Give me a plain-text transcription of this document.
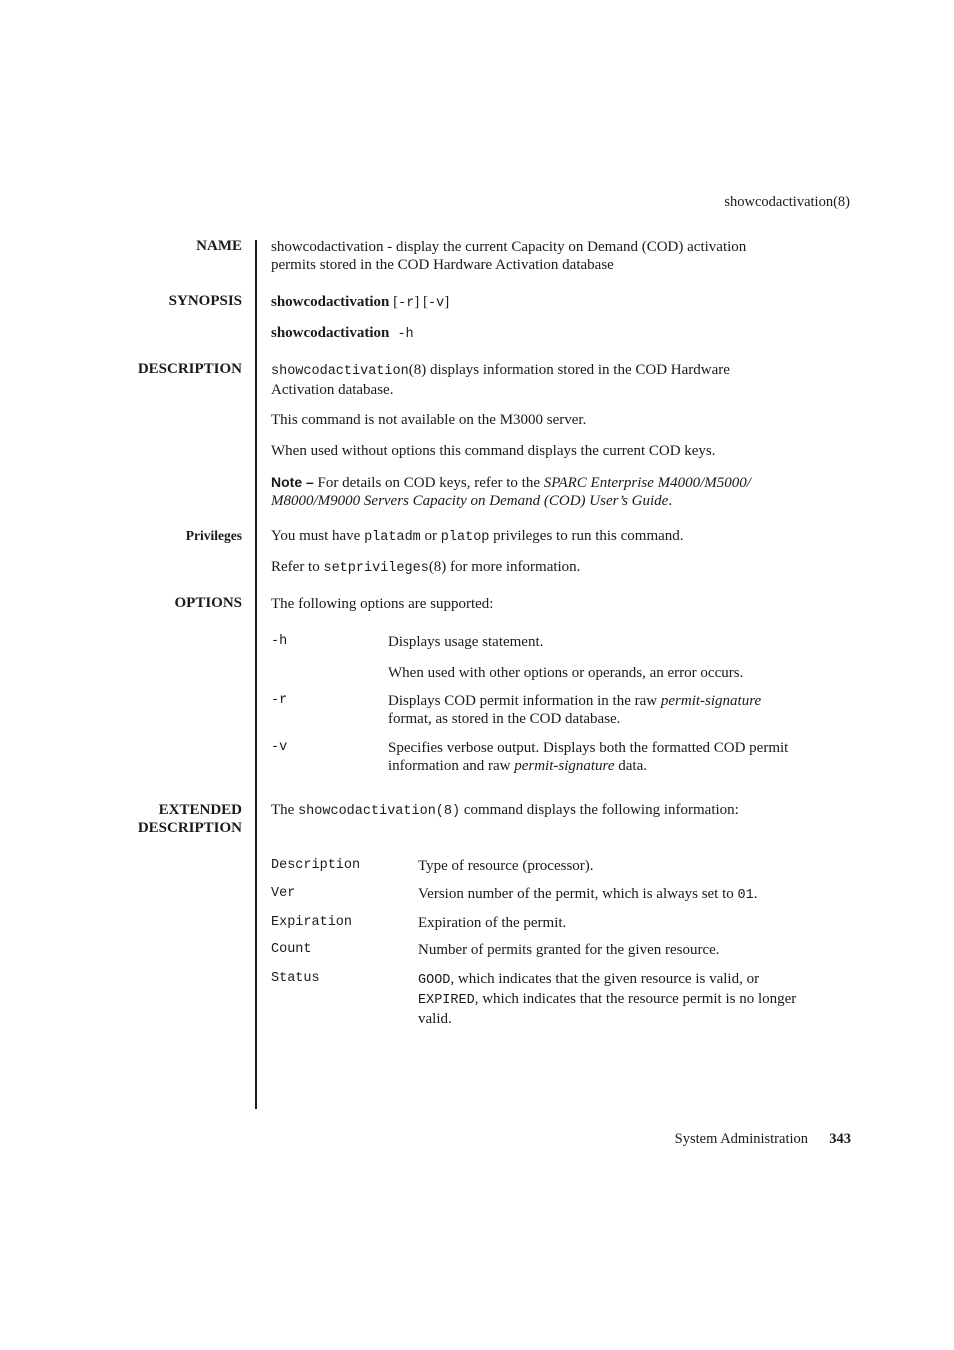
showcodactivation(8)
NAME showcodactivation - display the current Capacity on Demand (COD) activation
permits stored in the COD Hardware Activation database
SYNOPSIS showcodactivation [-r] [-v]
showcodactivation -h
DESCRIPTION showcodactivation(8) displays information stored in the COD Hardware
Activation database.
This command is not available on the M3000 server.
When used without options this command displays the current COD keys.
Note – For details on COD keys, refer to the SPARC Enterprise M4000/M5000/
M8000/M9000 Servers Capacity on Demand (COD) User’s Guide.
Privileges You must have platadm or platop privileges to run this command.
Refer to setprivileges(8) for more information.
OPTIONS The following options are supported:
-h	Displays usage statement.
When used with other options or operands, an error occurs.
-r	Displays COD permit information in the raw permit-signature
format, as stored in the COD database.
-v	Specifies verbose output. Displays both the formatted COD permit
information and raw permit-signature data.
EXTENDED
DESCRIPTION
The showcodactivation(8) command displays the following information:
Description	Type of resource (processor).
Ver	Version number of the permit, which is always set to 01.
Expiration	Expiration of the permit.
Count	Number of permits granted for the given resource.
Status	GOOD, which indicates that the given resource is valid, or
EXPIRED, which indicates that the resource permit is no longer
valid.
System Administration 343
